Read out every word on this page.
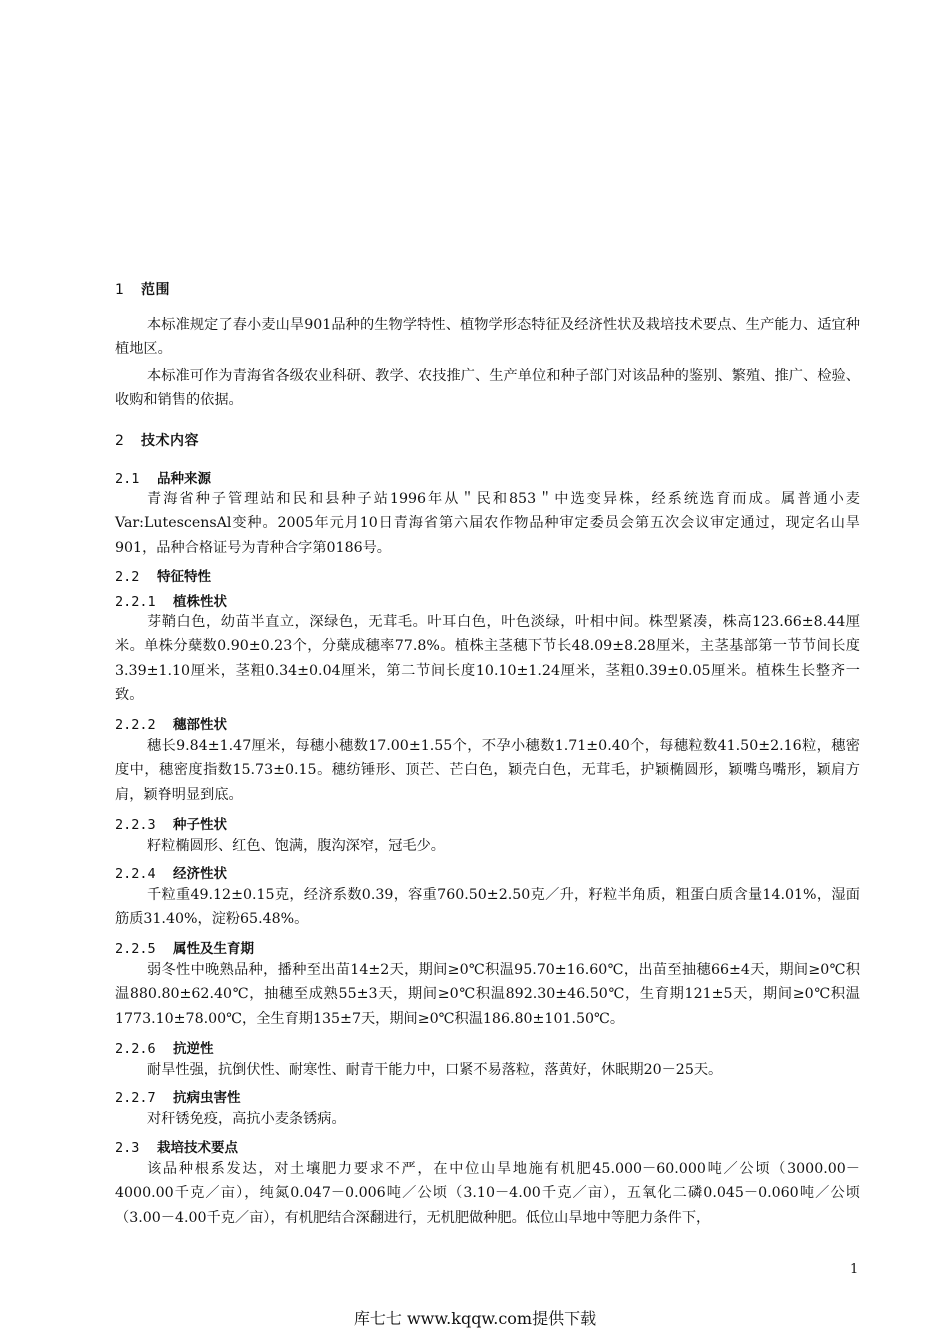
1 范围

本标准规定了春小麦山旱901品种的生物学特性、植物学形态特征及经济性状及栽培技术要点、生产能力、适宜种植地区。

本标准可作为青海省各级农业科研、教学、农技推广、生产单位和种子部门对该品种的鉴别、繁殖、推广、检验、收购和销售的依据。

2 技术内容
2.1 品种来源

青海省种子管理站和民和县种子站1996年从＂民和853＂中选变异株，经系统选育而成。属普通小麦Var:LutescensAl变种。2005年元月10日青海省第六届农作物品种审定委员会第五次会议审定通过，现定名山旱901，品种合格证号为青种合字第0186号。

2.2 特征特性
2.2.1 植株性状

芽鞘白色，幼苗半直立，深绿色，无茸毛。叶耳白色，叶色淡绿，叶相中间。株型紧凑，株高123.66±8.44厘米。单株分蘖数0.90±0.23个，分蘖成穗率77.8%。植株主茎穗下节长48.09±8.28厘米，主茎基部第一节节间长度3.39±1.10厘米，茎粗0.34±0.04厘米，第二节间长度10.10±1.24厘米，茎粗0.39±0.05厘米。植株生长整齐一致。

2.2.2 穗部性状

穗长9.84±1.47厘米，每穗小穗数17.00±1.55个，不孕小穗数1.71±0.40个，每穗粒数41.50±2.16粒，穗密度中，穗密度指数15.73±0.15。穗纺锤形、顶芒、芒白色，颖壳白色，无茸毛，护颖椭圆形，颖嘴鸟嘴形，颖肩方肩，颖脊明显到底。

2.2.3 种子性状

籽粒椭圆形、红色、饱满，腹沟深窄，冠毛少。

2.2.4 经济性状

千粒重49.12±0.15克，经济系数0.39，容重760.50±2.50克／升，籽粒半角质，粗蛋白质含量14.01%，湿面筋质31.40%，淀粉65.48%。

2.2.5 属性及生育期

弱冬性中晚熟品种，播种至出苗14±2天，期间≥0℃积温95.70±16.60℃，出苗至抽穗66±4天，期间≥0℃积温880.80±62.40℃，抽穗至成熟55±3天，期间≥0℃积温892.30±46.50℃，生育期121±5天，期间≥0℃积温1773.10±78.00℃，全生育期135±7天，期间≥0℃积温186.80±101.50℃。

2.2.6 抗逆性

耐旱性强，抗倒伏性、耐寒性、耐青干能力中，口紧不易落粒，落黄好，休眠期20－25天。

2.2.7 抗病虫害性

对秆锈免疫，高抗小麦条锈病。

2.3 栽培技术要点

该品种根系发达，对土壤肥力要求不严，在中位山旱地施有机肥45.000－60.000吨／公顷（3000.00－4000.00千克／亩），纯氮0.047－0.006吨／公顷（3.10－4.00千克／亩），五氧化二磷0.045－0.060吨／公顷（3.00－4.00千克／亩），有机肥结合深翻进行，无机肥做种肥。低位山旱地中等肥力条件下，

1
库七七 www.kqqw.com提供下载
